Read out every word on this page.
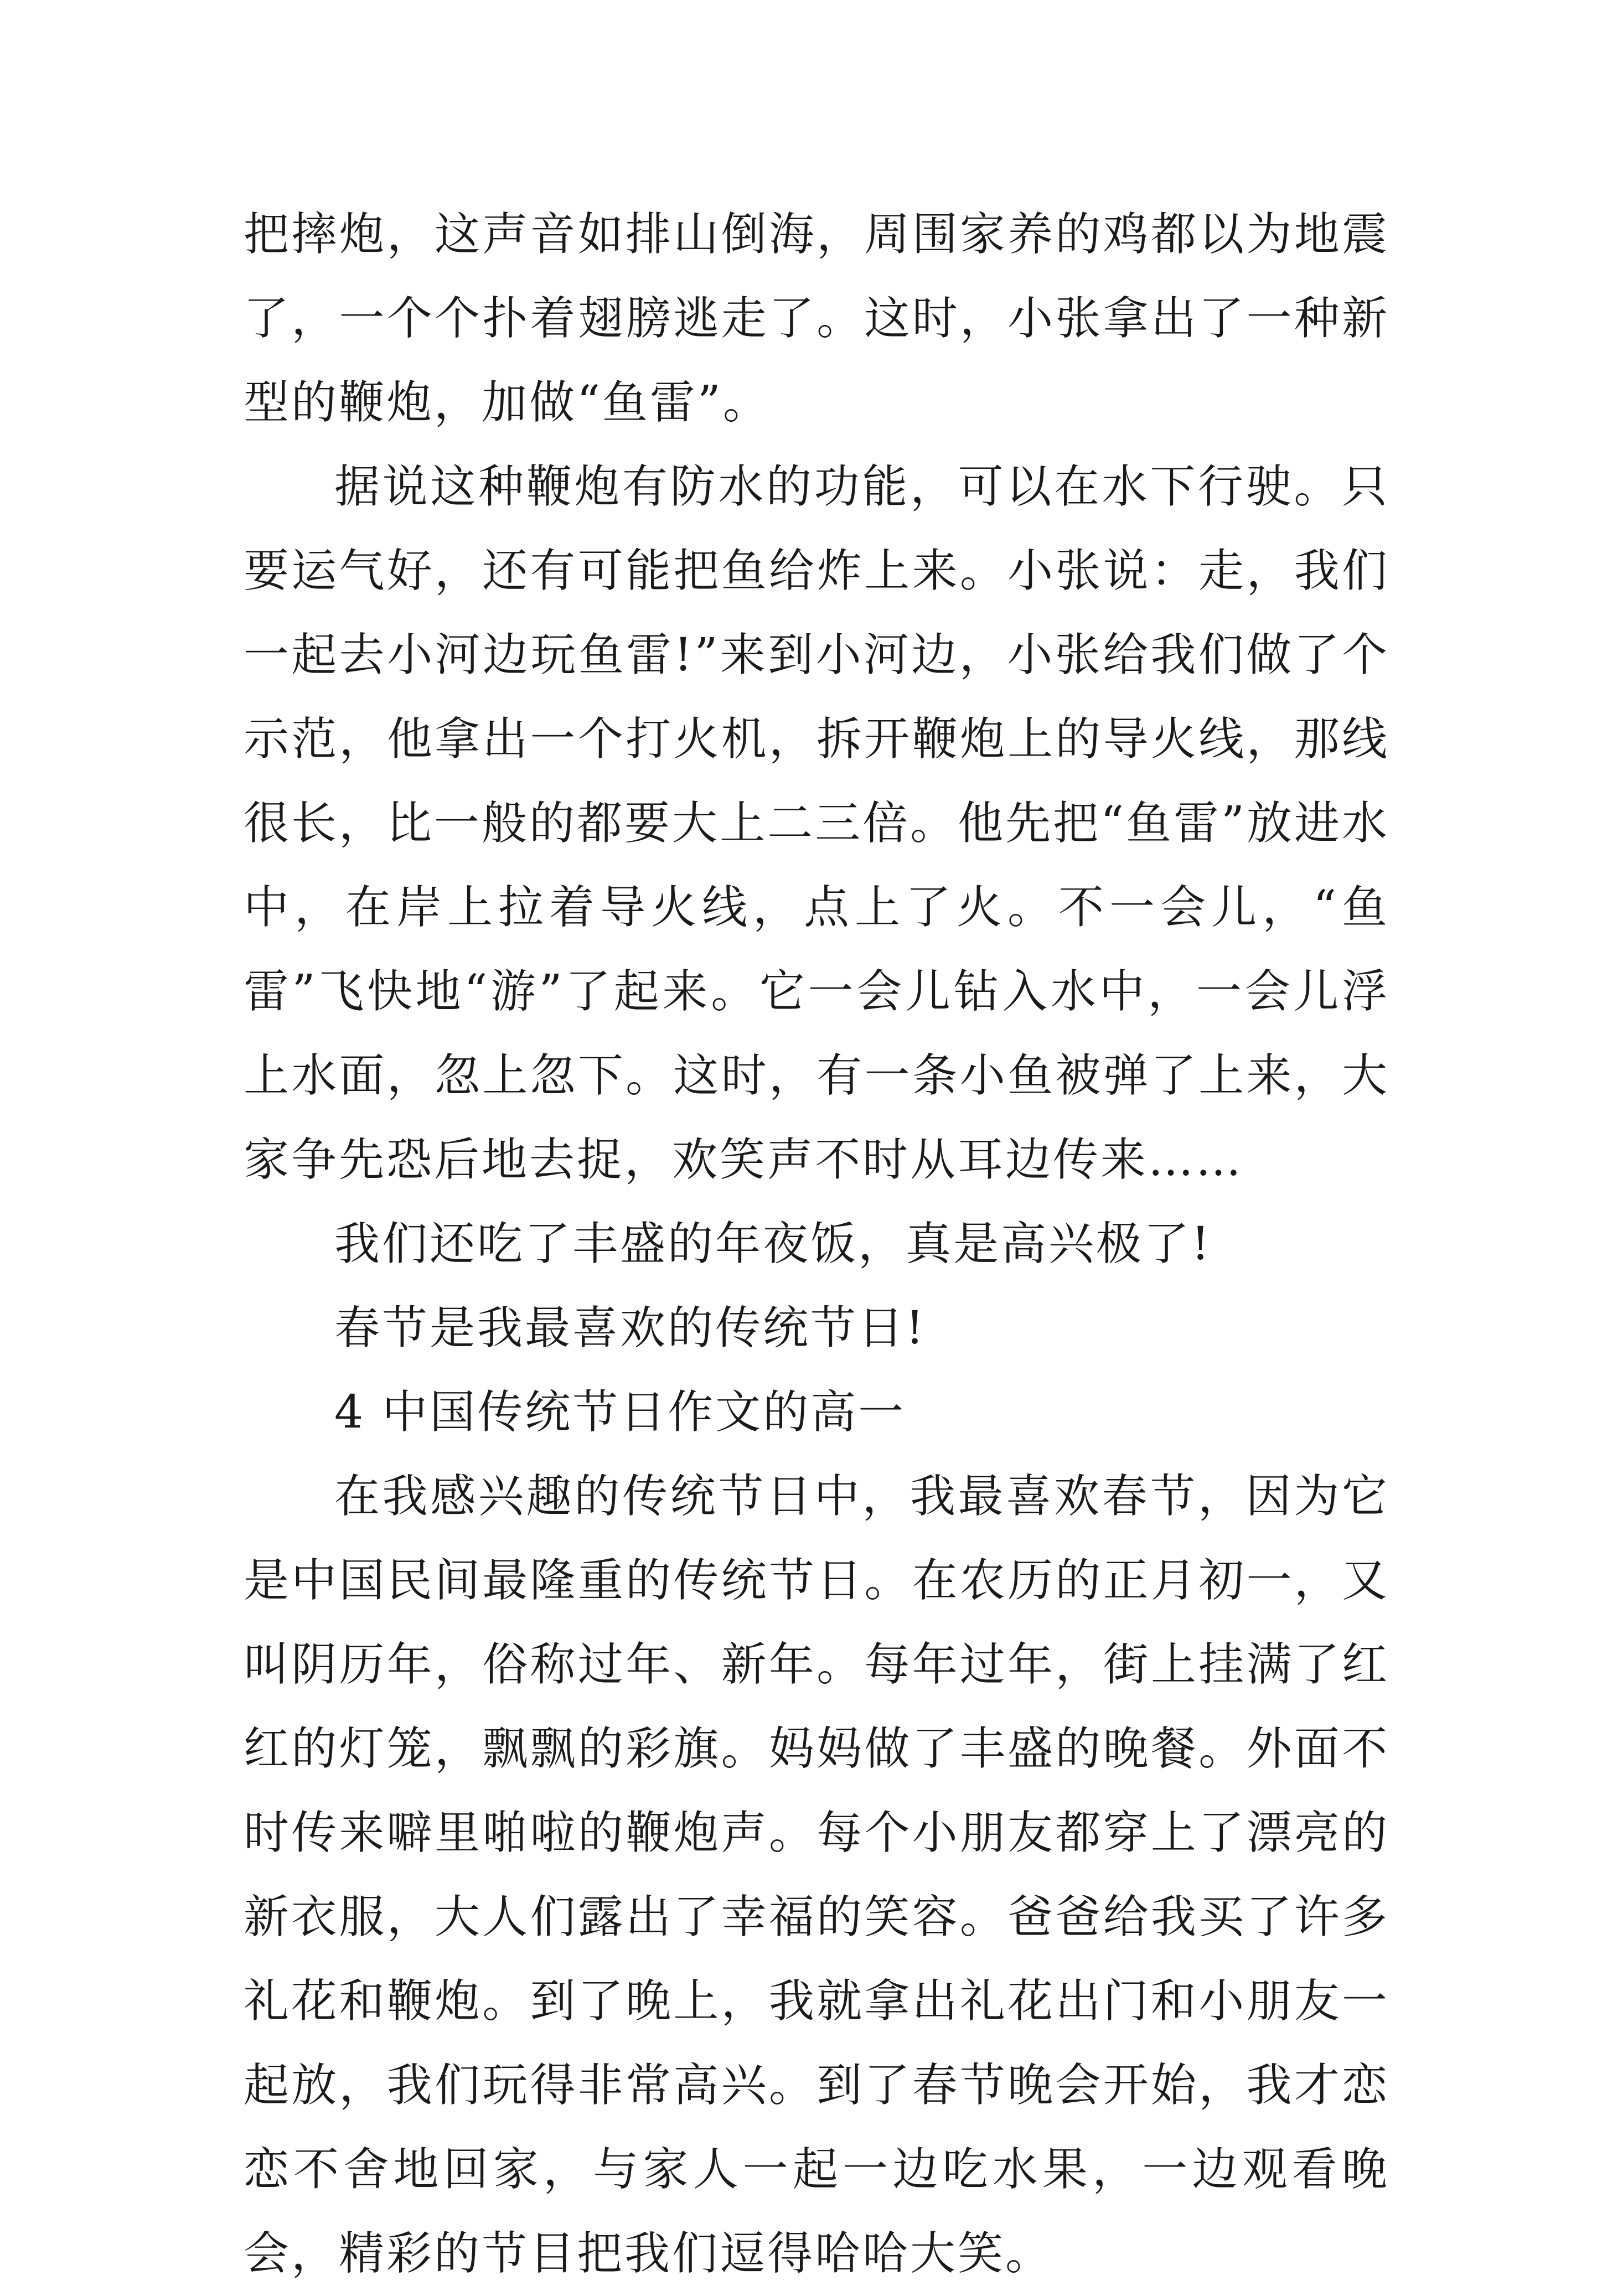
把摔炮，这声音如排山倒海，周围家养的鸡都以为地震了，一个个扑着翅膀逃走了。这时，小张拿出了一种新型的鞭炮，加做“鱼雷”。

据说这种鞭炮有防水的功能，可以在水下行驶。只要运气好，还有可能把鱼给炸上来。小张说：走，我们一起去小河边玩鱼雷!”来到小河边，小张给我们做了个示范，他拿出一个打火机，拆开鞭炮上的导火线，那线很长，比一般的都要大上二三倍。他先把“鱼雷”放进水中，在岸上拉着导火线，点上了火。不一会儿，“鱼雷”飞快地“游”了起来。它一会儿钻入水中，一会儿浮上水面，忽上忽下。这时，有一条小鱼被弹了上来，大家争先恐后地去捉，欢笑声不时从耳边传来……

我们还吃了丰盛的年夜饭，真是高兴极了!

春节是我最喜欢的传统节日!

4 中国传统节日作文的高一

在我感兴趣的传统节日中，我最喜欢春节，因为它是中国民间最隆重的传统节日。在农历的正月初一，又叫阴历年，俗称过年、新年。每年过年，街上挂满了红红的灯笼，飘飘的彩旗。妈妈做了丰盛的晚餐。外面不时传来噼里啪啦的鞭炮声。每个小朋友都穿上了漂亮的新衣服，大人们露出了幸福的笑容。爸爸给我买了许多礼花和鞭炮。到了晚上，我就拿出礼花出门和小朋友一起放，我们玩得非常高兴。到了春节晚会开始，我才恋恋不舍地回家，与家人一起一边吃水果，一边观看晚会，精彩的节目把我们逗得哈哈大笑。
